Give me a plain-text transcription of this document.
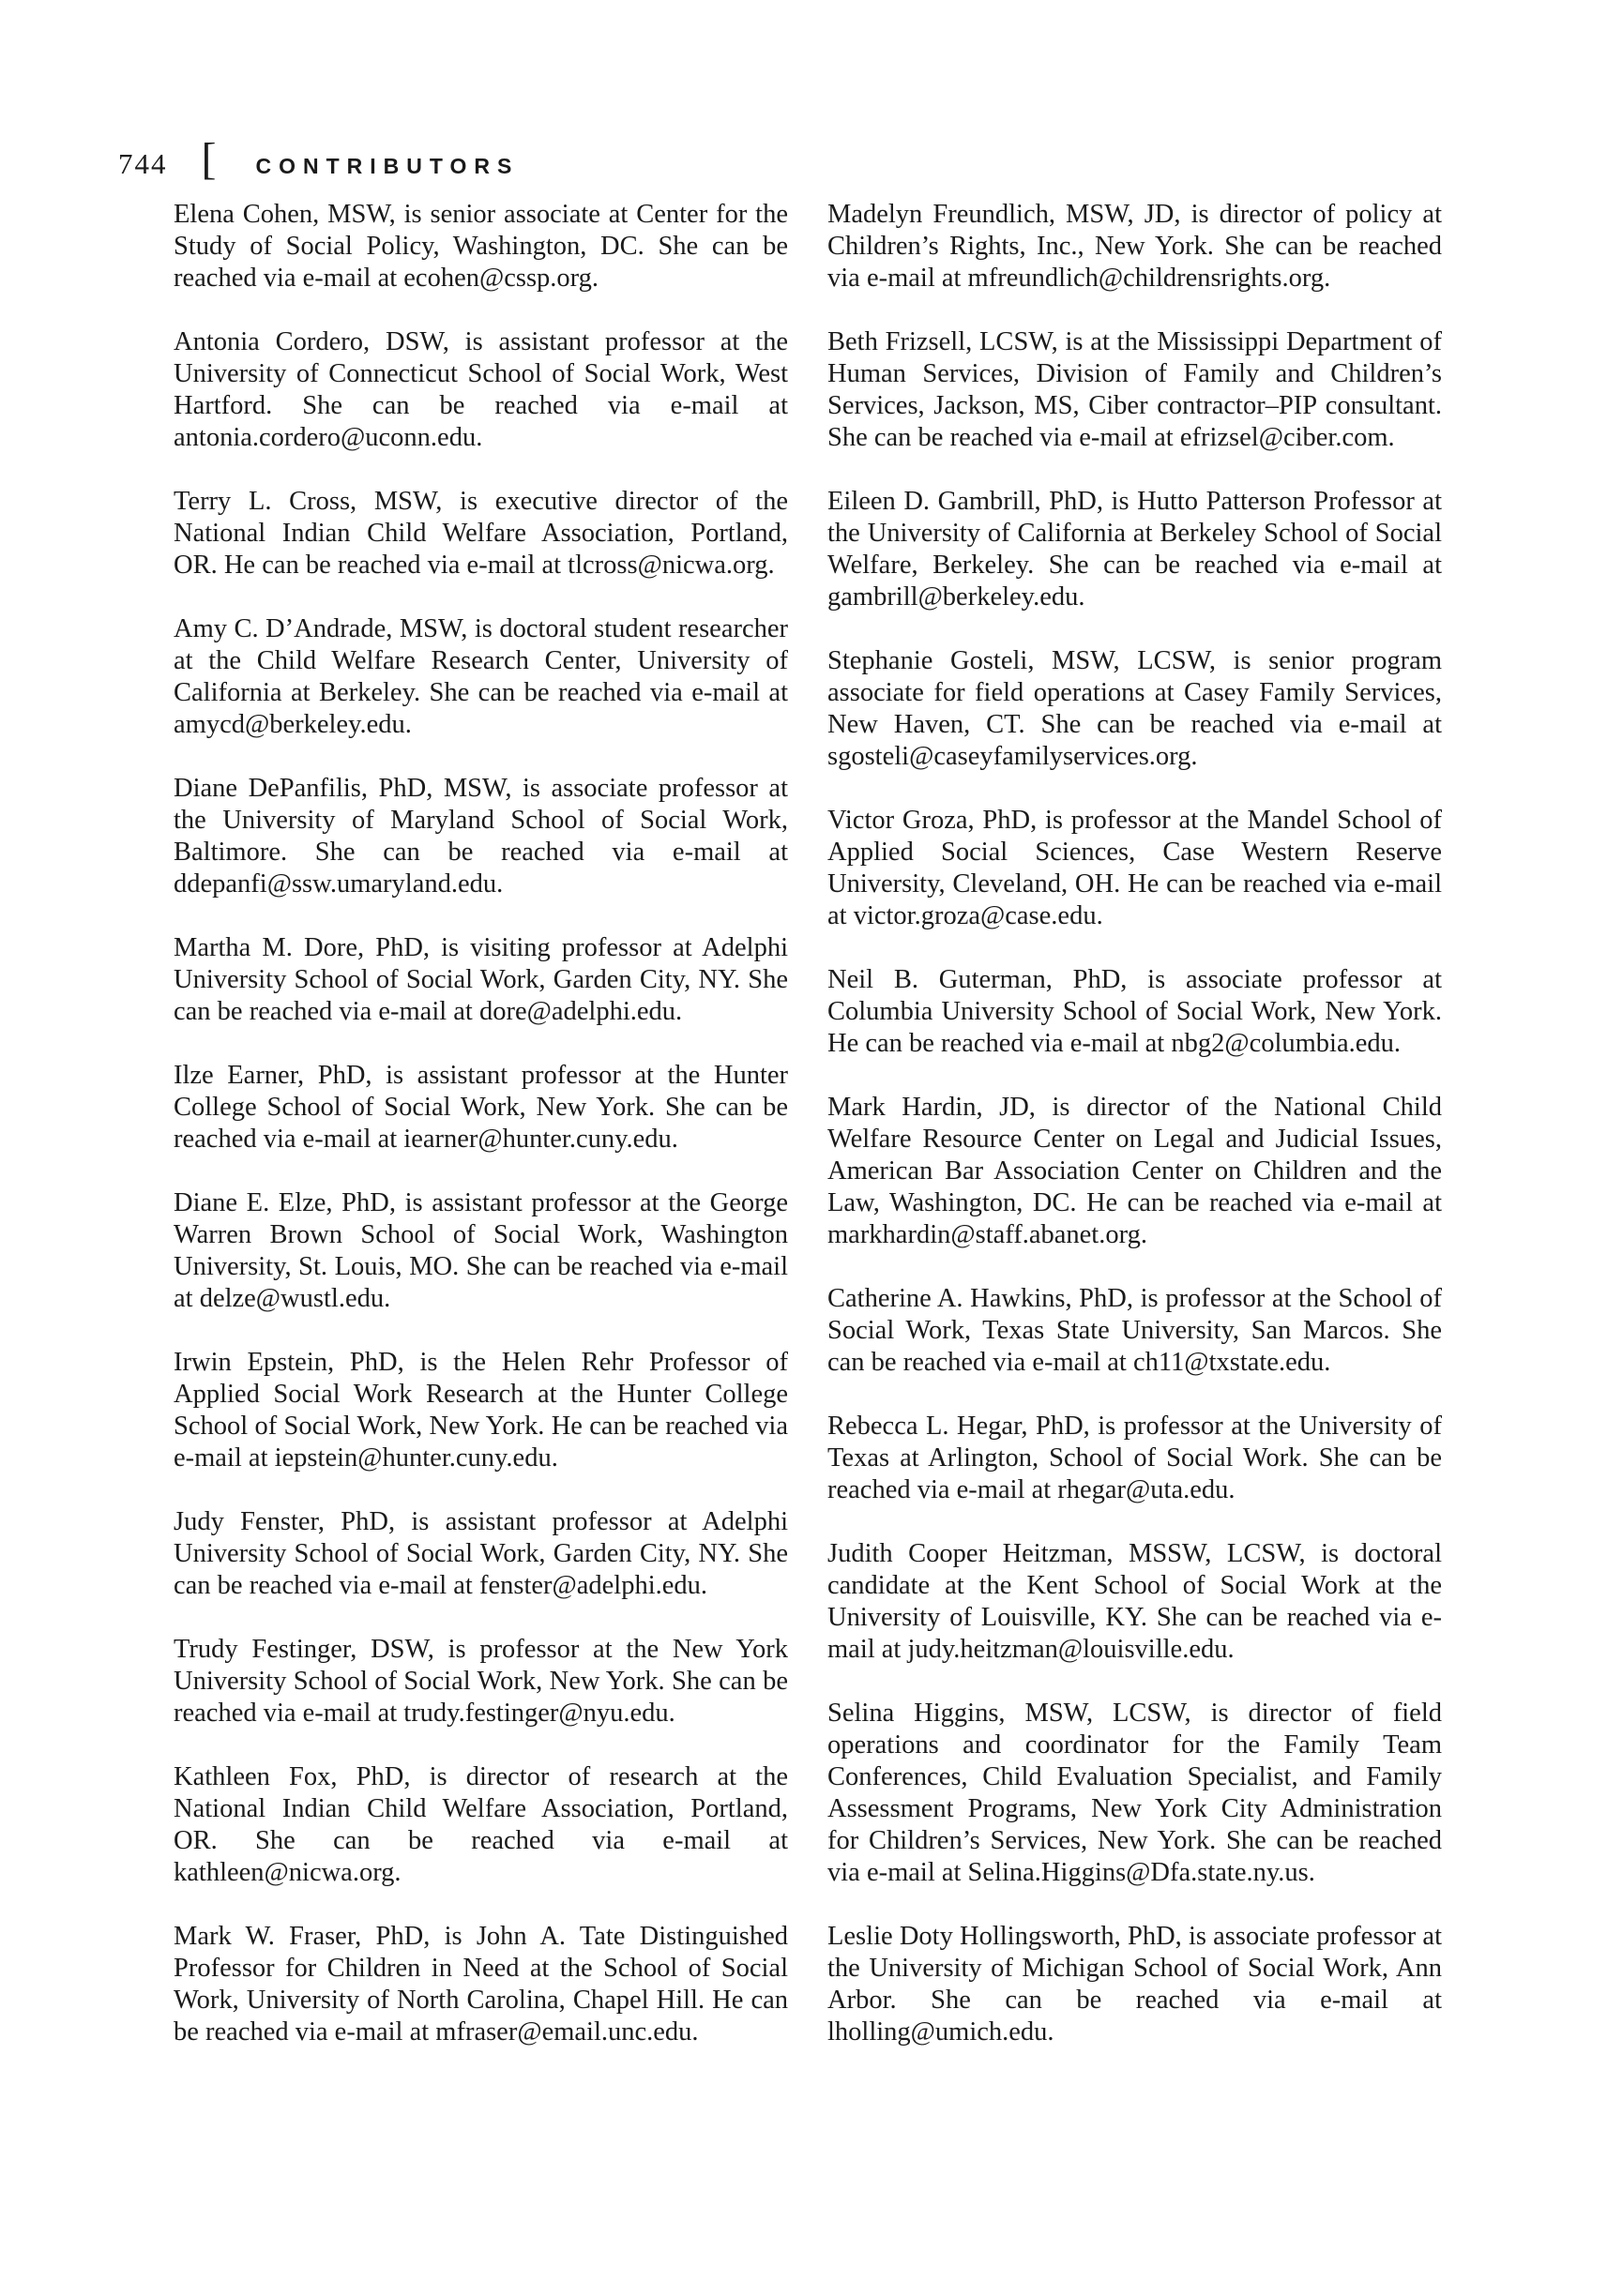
744 [ CONTRIBUTORS

Elena Cohen, MSW, is senior associate at Center for the Study of Social Policy, Washington, DC. She can be reached via e-mail at ecohen@cssp.org.

Antonia Cordero, DSW, is assistant professor at the University of Connecticut School of Social Work, West Hartford. She can be reached via e-mail at antonia.cordero@uconn.edu.

Terry L. Cross, MSW, is executive director of the National Indian Child Welfare Association, Portland, OR. He can be reached via e-mail at tlcross@nicwa.org.

Amy C. D’Andrade, MSW, is doctoral student researcher at the Child Welfare Research Center, University of California at Berkeley. She can be reached via e-mail at amycd@berkeley.edu.

Diane DePanfilis, PhD, MSW, is associate professor at the University of Maryland School of Social Work, Baltimore. She can be reached via e-mail at ddepanfi@ssw.umaryland.edu.

Martha M. Dore, PhD, is visiting professor at Adelphi University School of Social Work, Garden City, NY. She can be reached via e-mail at dore@adelphi.edu.

Ilze Earner, PhD, is assistant professor at the Hunter College School of Social Work, New York. She can be reached via e-mail at iearner@hunter.cuny.edu.

Diane E. Elze, PhD, is assistant professor at the George Warren Brown School of Social Work, Washington University, St. Louis, MO. She can be reached via e-mail at delze@wustl.edu.

Irwin Epstein, PhD, is the Helen Rehr Professor of Applied Social Work Research at the Hunter College School of Social Work, New York. He can be reached via e-mail at iepstein@hunter.cuny.edu.

Judy Fenster, PhD, is assistant professor at Adelphi University School of Social Work, Garden City, NY. She can be reached via e-mail at fenster@adelphi.edu.

Trudy Festinger, DSW, is professor at the New York University School of Social Work, New York. She can be reached via e-mail at trudy.festinger@nyu.edu.

Kathleen Fox, PhD, is director of research at the National Indian Child Welfare Association, Portland, OR. She can be reached via e-mail at kathleen@nicwa.org.

Mark W. Fraser, PhD, is John A. Tate Distinguished Professor for Children in Need at the School of Social Work, University of North Carolina, Chapel Hill. He can be reached via e-mail at mfraser@email.unc.edu.

Madelyn Freundlich, MSW, JD, is director of policy at Children’s Rights, Inc., New York. She can be reached via e-mail at mfreundlich@childrensrights.org.

Beth Frizsell, LCSW, is at the Mississippi Department of Human Services, Division of Family and Children’s Services, Jackson, MS, Ciber contractor–PIP consultant. She can be reached via e-mail at efrizsel@ciber.com.

Eileen D. Gambrill, PhD, is Hutto Patterson Professor at the University of California at Berkeley School of Social Welfare, Berkeley. She can be reached via e-mail at gambrill@berkeley.edu.

Stephanie Gosteli, MSW, LCSW, is senior program associate for field operations at Casey Family Services, New Haven, CT. She can be reached via e-mail at sgosteli@caseyfamilyservices.org.

Victor Groza, PhD, is professor at the Mandel School of Applied Social Sciences, Case Western Reserve University, Cleveland, OH. He can be reached via e-mail at victor.groza@case.edu.

Neil B. Guterman, PhD, is associate professor at Columbia University School of Social Work, New York. He can be reached via e-mail at nbg2@columbia.edu.

Mark Hardin, JD, is director of the National Child Welfare Resource Center on Legal and Judicial Issues, American Bar Association Center on Children and the Law, Washington, DC. He can be reached via e-mail at markhardin@staff.abanet.org.

Catherine A. Hawkins, PhD, is professor at the School of Social Work, Texas State University, San Marcos. She can be reached via e-mail at ch11@txstate.edu.

Rebecca L. Hegar, PhD, is professor at the University of Texas at Arlington, School of Social Work. She can be reached via e-mail at rhegar@uta.edu.

Judith Cooper Heitzman, MSSW, LCSW, is doctoral candidate at the Kent School of Social Work at the University of Louisville, KY. She can be reached via e-mail at judy.heitzman@louisville.edu.

Selina Higgins, MSW, LCSW, is director of field operations and coordinator for the Family Team Conferences, Child Evaluation Specialist, and Family Assessment Programs, New York City Administration for Children’s Services, New York. She can be reached via e-mail at Selina.Higgins@Dfa.state.ny.us.

Leslie Doty Hollingsworth, PhD, is associate professor at the University of Michigan School of Social Work, Ann Arbor. She can be reached via e-mail at lholling@umich.edu.
